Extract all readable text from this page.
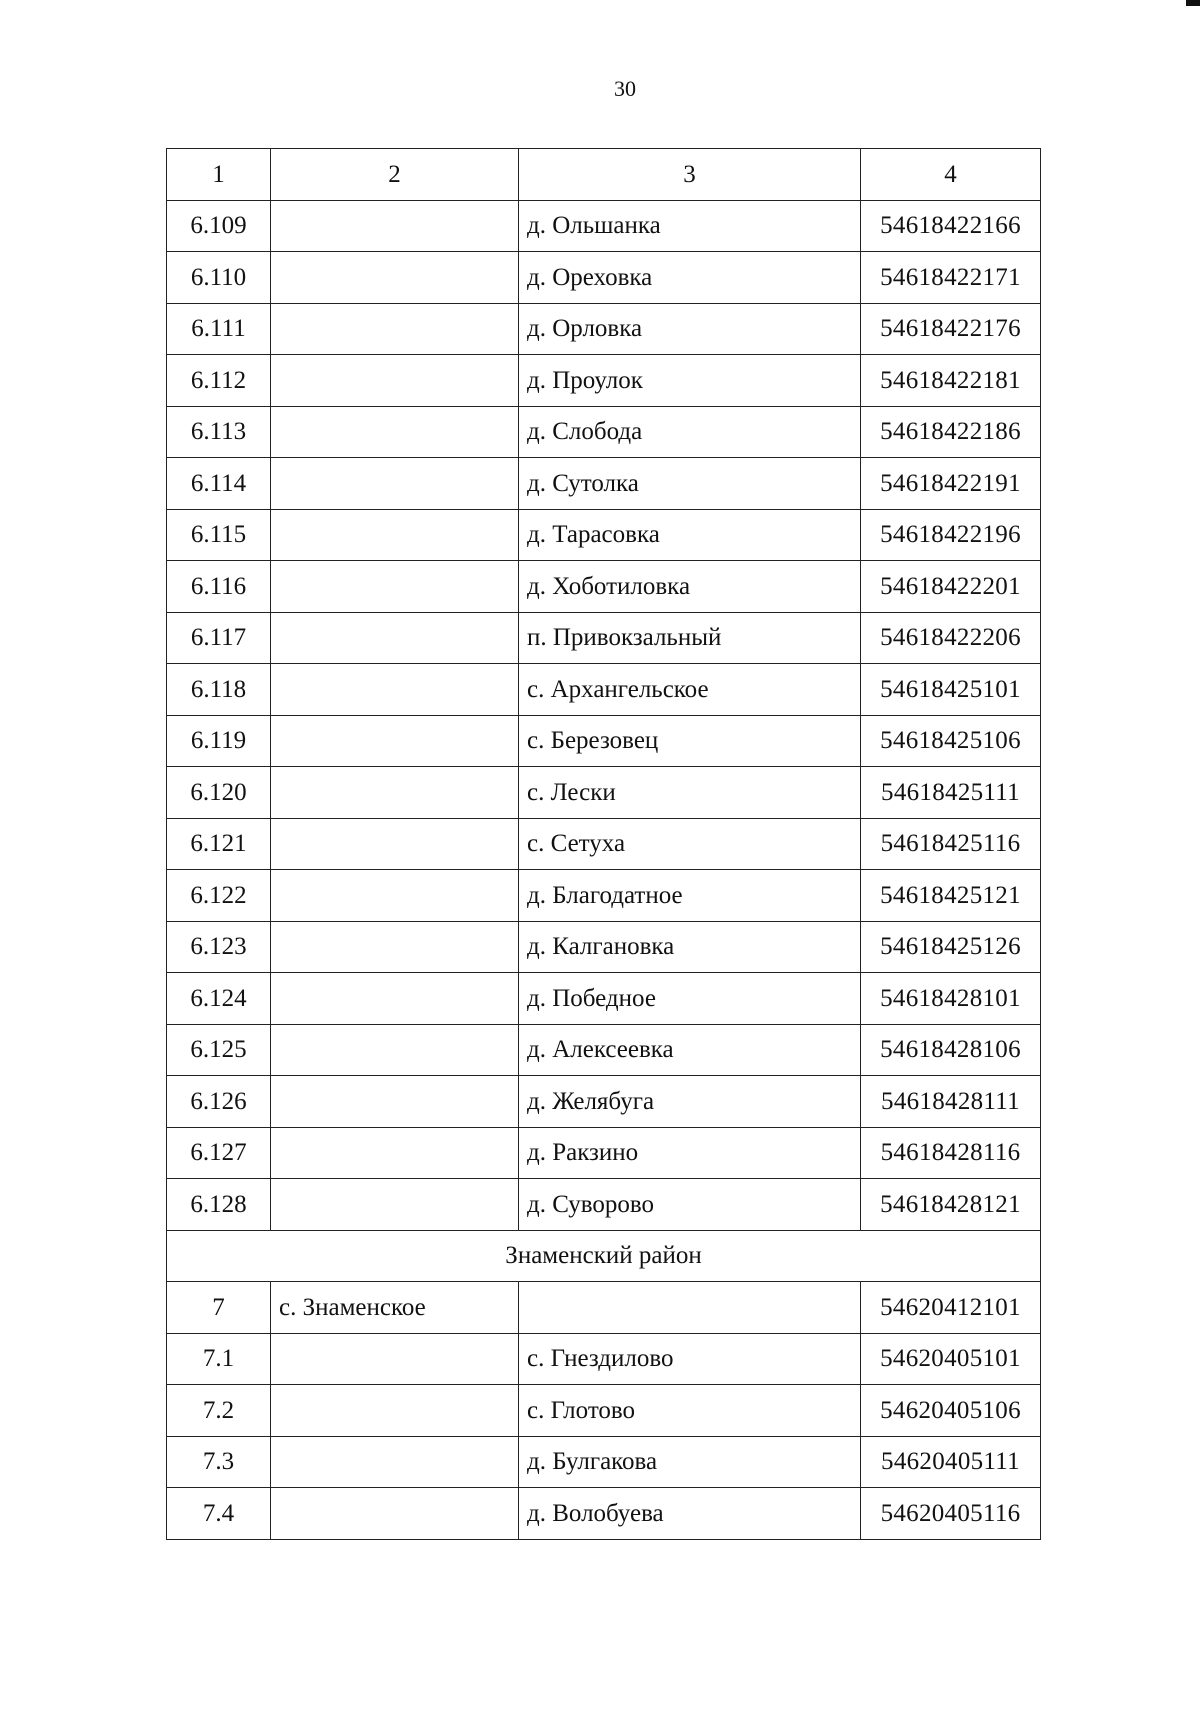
30
1	2	3	4
6.109		д. Ольшанка	54618422166
6.110		д. Ореховка	54618422171
6.111		д. Орловка	54618422176
6.112		д. Проулок	54618422181
6.113		д. Слобода	54618422186
6.114		д. Сутолка	54618422191
6.115		д. Тарасовка	54618422196
6.116		д. Хоботиловка	54618422201
6.117		п. Привокзальный	54618422206
6.118		с. Архангельское	54618425101
6.119		с. Березовец	54618425106
6.120		с. Лески	54618425111
6.121		с. Сетуха	54618425116
6.122		д. Благодатное	54618425121
6.123		д. Калгановка	54618425126
6.124		д. Победное	54618428101
6.125		д. Алексеевка	54618428106
6.126		д. Желябуга	54618428111
6.127		д. Ракзино	54618428116
6.128		д. Суворово	54618428121
Знаменский район			
7	с. Знаменское		54620412101
7.1		с. Гнездилово	54620405101
7.2		с. Глотово	54620405106
7.3		д. Булгакова	54620405111
7.4		д. Волобуева	54620405116
